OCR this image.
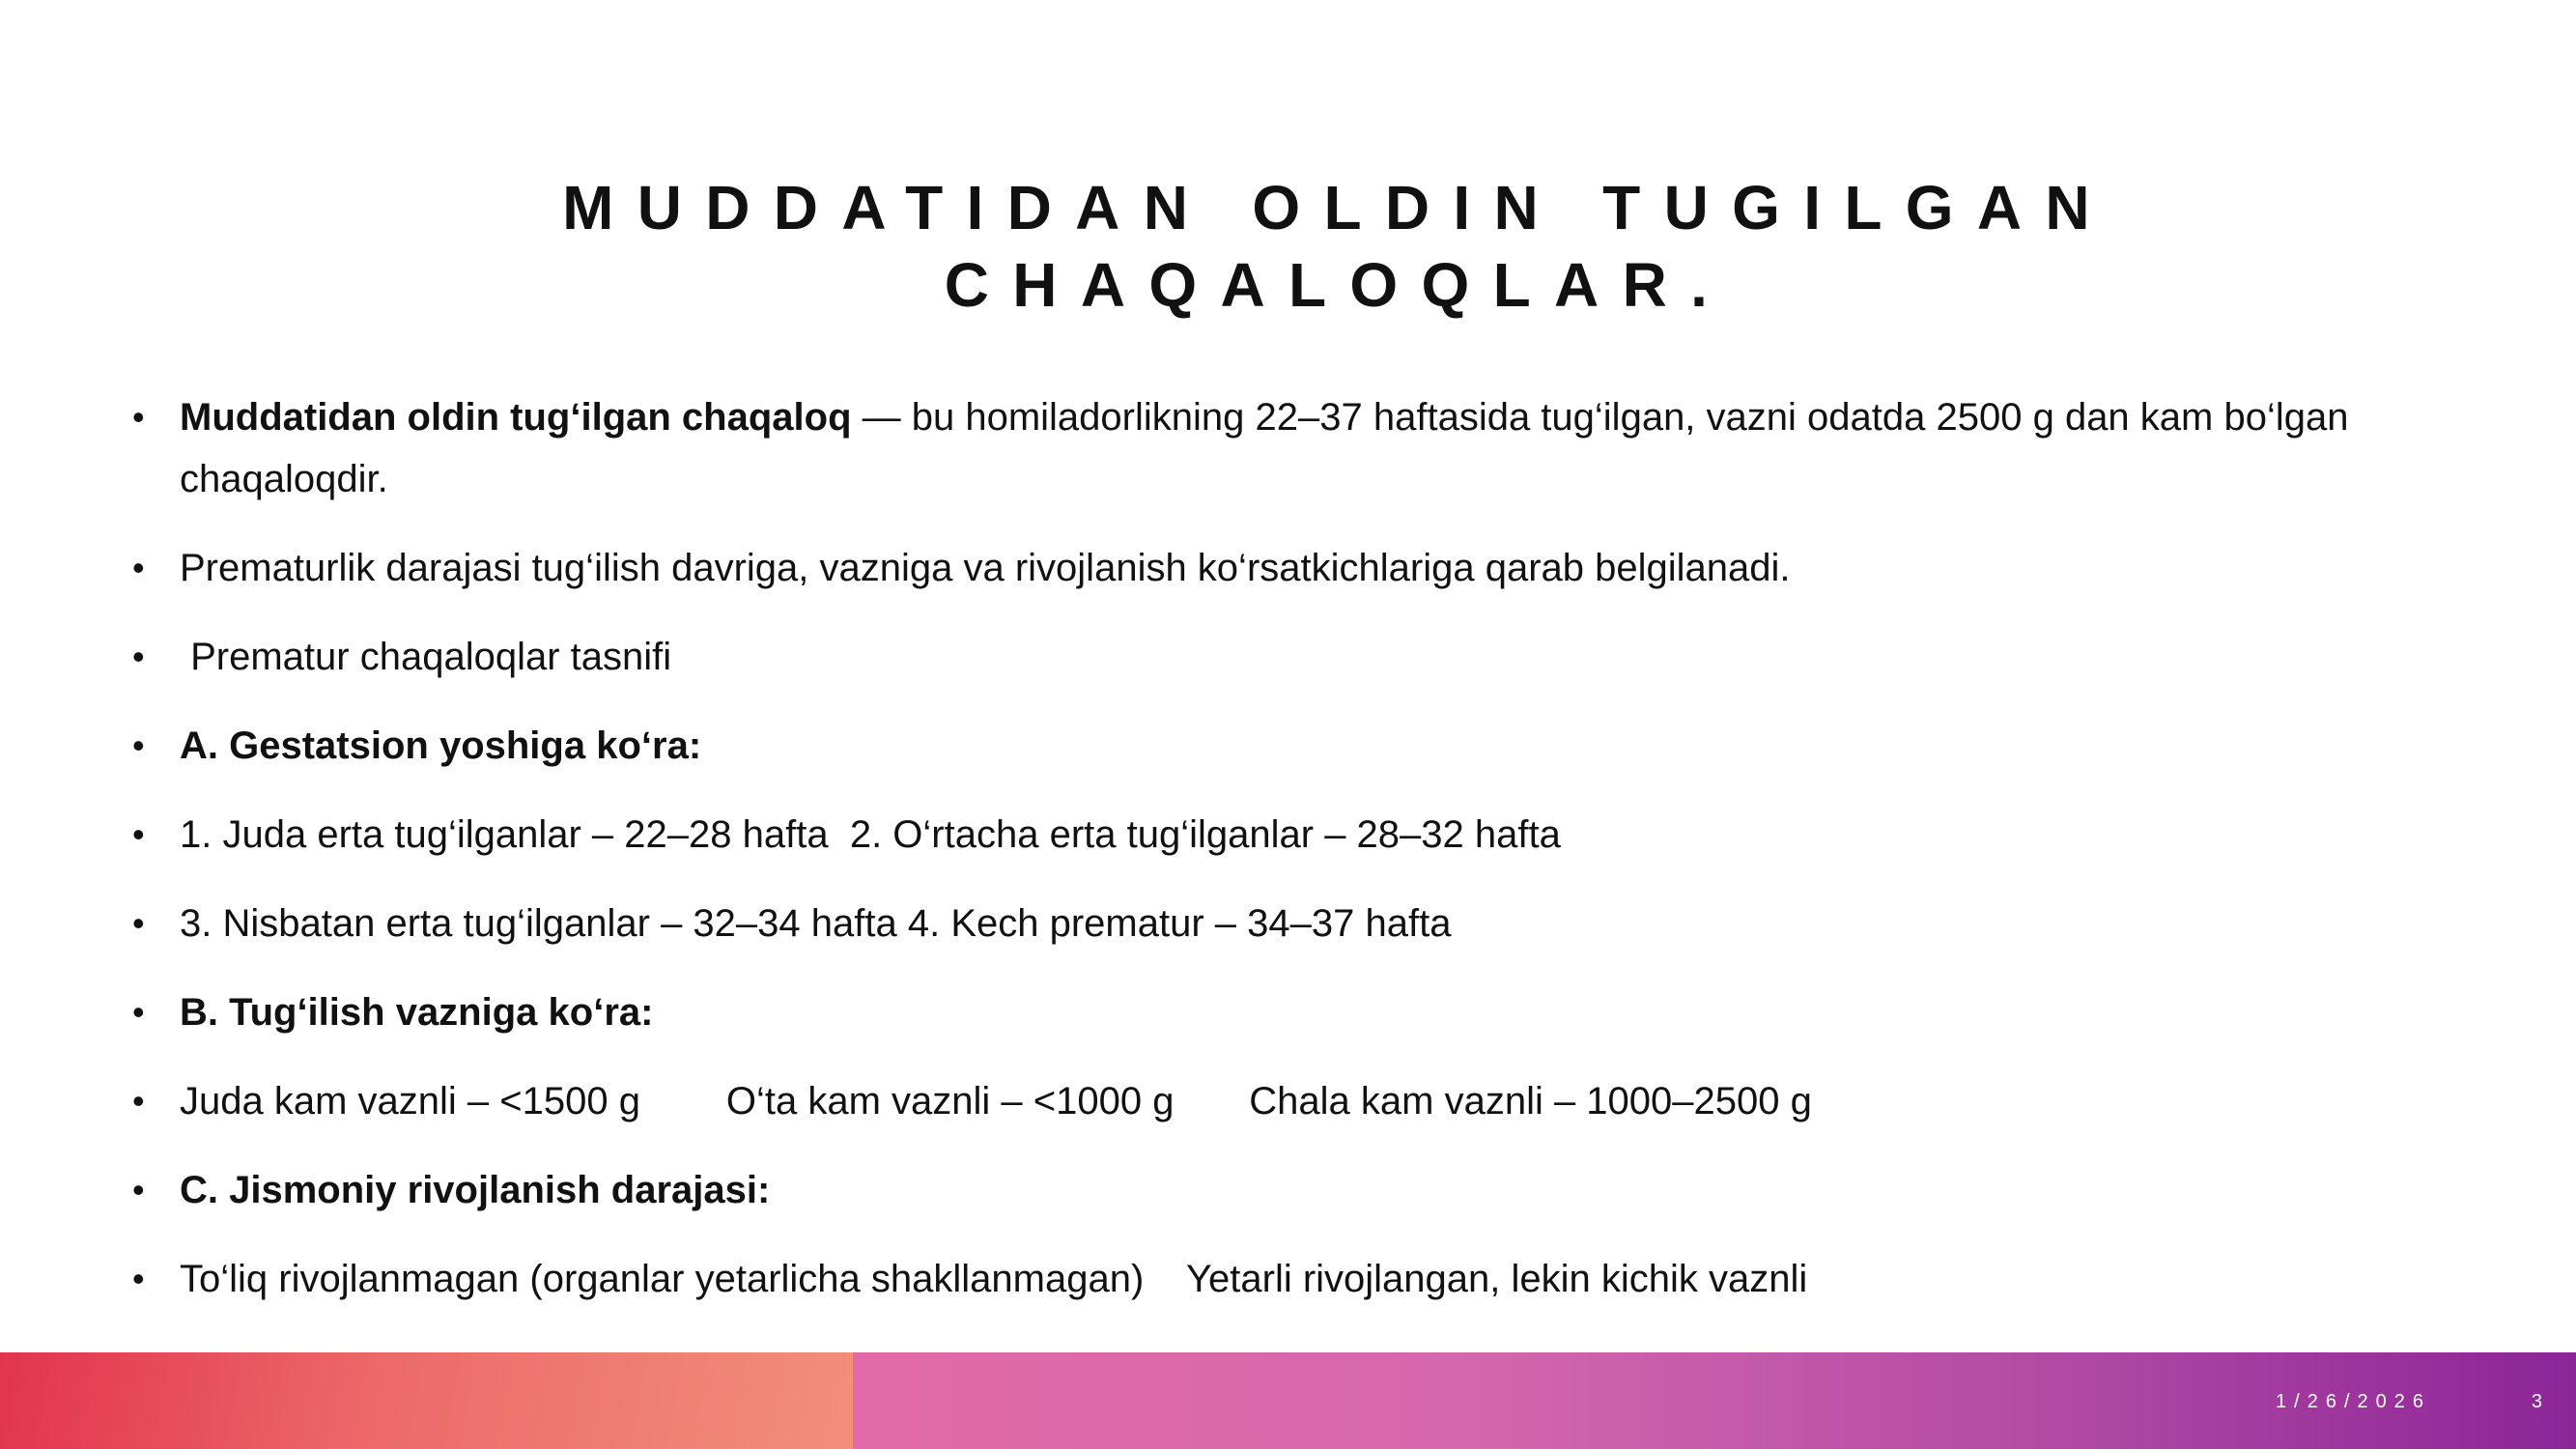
MUDDATIDAN OLDIN TUGILGAN
CHAQALOQLAR.
• Muddatidan oldin tug‘ilgan chaqaloq — bu homiladorlikning 22–37 haftasida tug‘ilgan, vazni odatda 2500 g dan kam bo‘lgan chaqaloqdir.
• Prematurlik darajasi tug‘ilish davriga, vazniga va rivojlanish ko‘rsatkichlariga qarab belgilanadi.
•  Prematur chaqaloqlar tasnifi
• A. Gestatsion yoshiga ko‘ra:
• 1. Juda erta tug‘ilganlar – 22–28 hafta  2. O‘rtacha erta tug‘ilganlar – 28–32 hafta
• 3. Nisbatan erta tug‘ilganlar – 32–34 hafta 4. Kech prematur – 34–37 hafta
• B. Tug‘ilish vazniga ko‘ra:
• Juda kam vaznli – <1500 g        O‘ta kam vaznli – <1000 g       Chala kam vaznli – 1000–2500 g
• C. Jismoniy rivojlanish darajasi:
• To‘liq rivojlanmagan (organlar yetarlicha shakllanmagan)    Yetarli rivojlangan, lekin kichik vaznli
1/26/2026	3
